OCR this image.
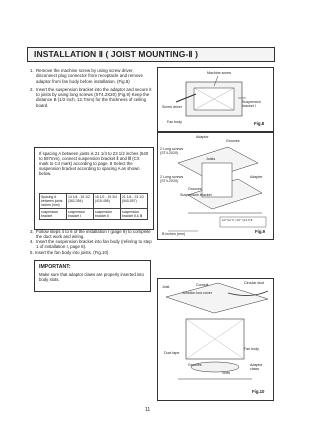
INSTALLATION Ⅱ ( JOIST MOUNTING-Ⅱ )
1. Remove the machine screw by using screw driver, disconnect plug connector from receptacle and remove adaptor from fan body before installation. (Fig.8)
2. Insert the suspension bracket into the adaptor and secure it to joists by using long screws (ST4.2X20) (Fig.9) Keep the distance B (1/2 inch, 12.7mm) for the thickness of ceiling board.
If spacing A between joists is 21 1/4 to 23 1/2 inches (540 to 597mm), connect suspension bracket Ⅱ and Ⅲ (CX mark to C4 mark) according to page. 8 Select the suspension bracket according to spacing A as shown below.
Spacing A between joists inches (mm)	14 1/4 - 15 1/2 (362-394)	16 1/2 - 19 3/4 (419-498)	21 1/4 - 23 1/2 (540-597)
suspension bracket	suspension bracket Ⅰ	suspension bracket Ⅱ	suspension bracket Ⅱ & Ⅲ
3. Follow steps 4 to 6 of the installation I (page 9) to complete the duct work and wiring.
4. Insert the suspension bracket into fan body (refering to step 1 of installation I, page 8).
5. Insert the fan body into joists. (Fig.10)
IMPORTANT:
Make sure that adaptor claws are properly inserted into body slots.
Machine screw
Screw driver
Suspension bracket I
Fan body	Fig.8
Adaptor
Grooves
2 Long screws (ST4.2X20)
Joists
2 Long screws (ST4.2X20)
Grooves
Suspension bracket
Adapter
1/2" (12.7) ( 1/2" ) (12.7) B
B inches (mm)	Fig.9
Joist	Conduit
Junction box cover
Circular duct
Duct tape
Grooves
Fan body
Slots
Adaptor claws
Fig.10
11
